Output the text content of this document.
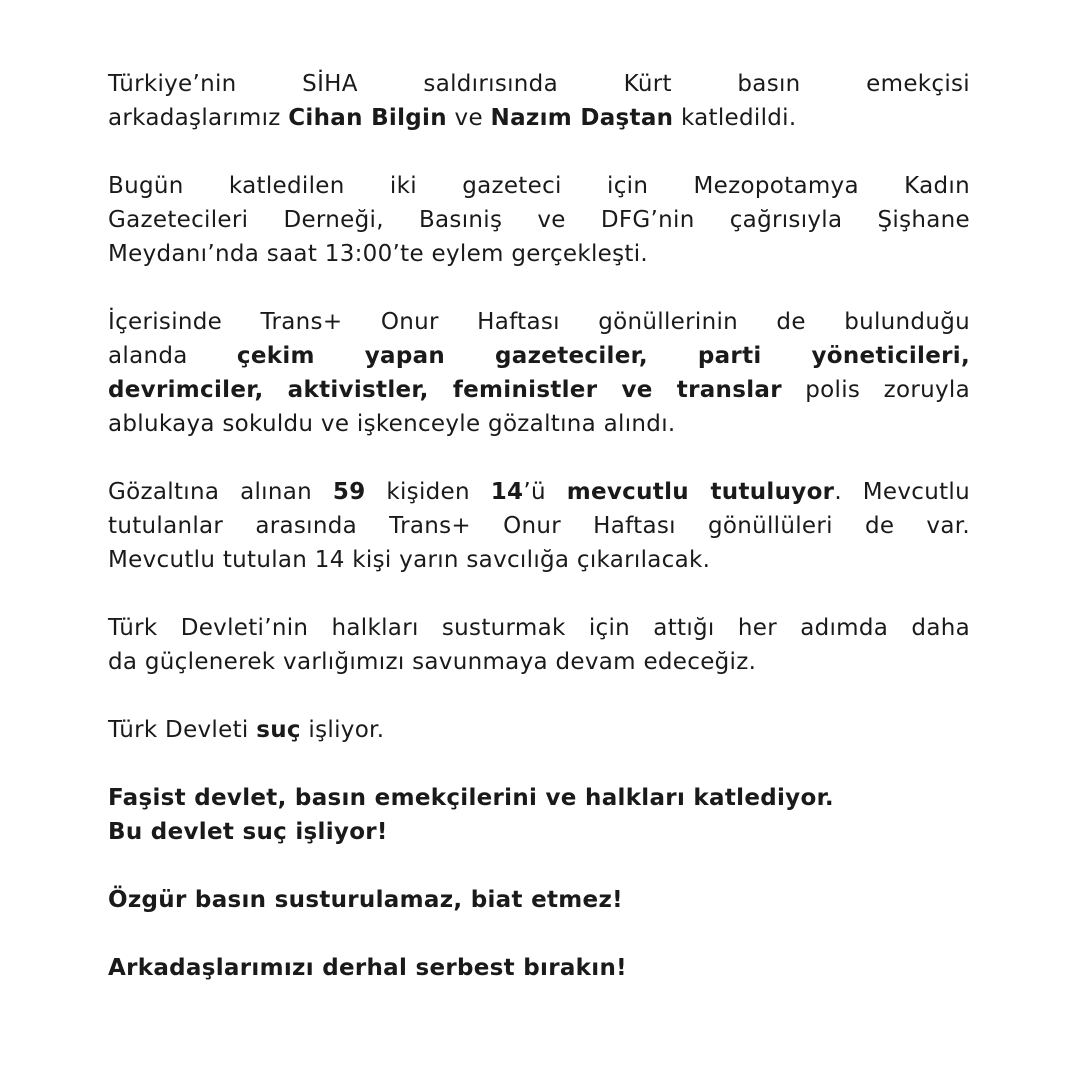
Türkiye’nin SİHA saldırısında Kürt basın emekçisi
arkadaşlarımız Cihan Bilgin ve Nazım Daştan katledildi.
Bugün katledilen iki gazeteci için Mezopotamya Kadın
Gazetecileri Derneği, Basıniş ve DFG’nin çağrısıyla Şişhane
Meydanı’nda saat 13:00’te eylem gerçekleşti.
İçerisinde Trans+ Onur Haftası gönüllerinin de bulunduğu
alanda çekim yapan gazeteciler, parti yöneticileri,
devrimciler, aktivistler, feministler ve translar polis zoruyla
ablukaya sokuldu ve işkenceyle gözaltına alındı.
Gözaltına alınan 59 kişiden 14’ü mevcutlu tutuluyor. Mevcutlu
tutulanlar arasında Trans+ Onur Haftası gönüllüleri de var.
Mevcutlu tutulan 14 kişi yarın savcılığa çıkarılacak.
Türk Devleti’nin halkları susturmak için attığı her adımda daha
da güçlenerek varlığımızı savunmaya devam edeceğiz.
Türk Devleti suç işliyor.
Faşist devlet, basın emekçilerini ve halkları katlediyor.
Bu devlet suç işliyor!
Özgür basın susturulamaz, biat etmez!
Arkadaşlarımızı derhal serbest bırakın!
